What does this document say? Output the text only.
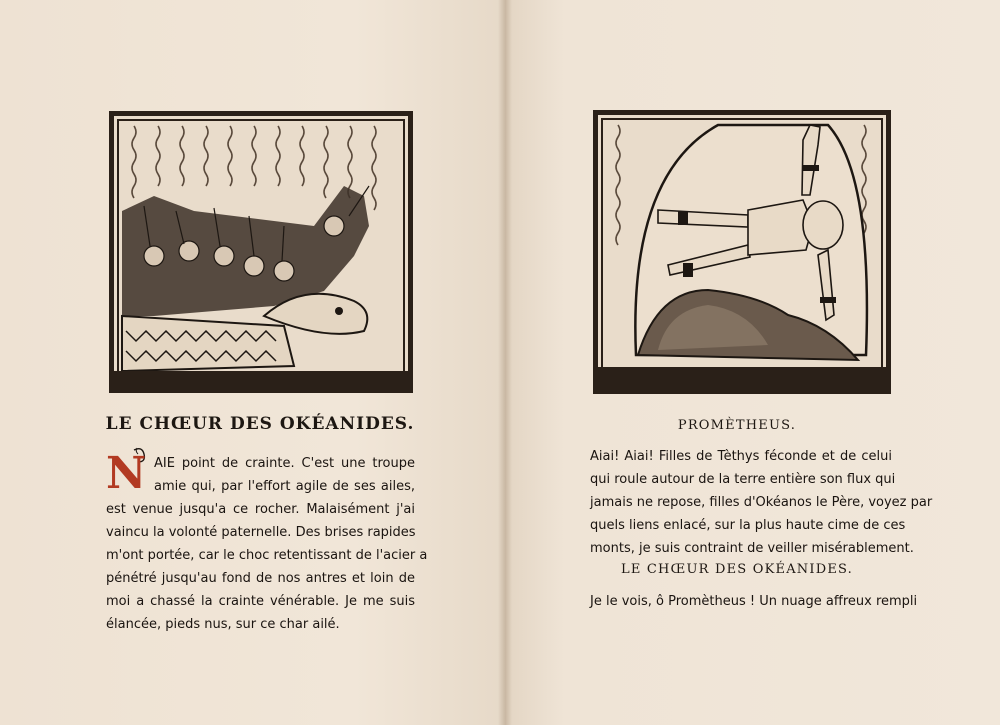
LE CHŒUR DES OKÉANIDES.
N AIE point de crainte. C'est une troupe
amie qui, par l'effort agile de ses ailes,
est venue jusqu'a ce rocher. Malaisément j'ai
vaincu la volonté paternelle. Des brises rapides
m'ont portée, car le choc retentissant de l'acier a
pénétré jusqu'au fond de nos antres et loin de
moi a chassé la crainte vénérable. Je me suis
élancée, pieds nus, sur ce char ailé.
PROMÈTHEUS.
Aiai! Aiai! Filles de Tèthys féconde et de celui
qui roule autour de la terre entière son flux qui
jamais ne repose, filles d'Okéanos le Père, voyez par
quels liens enlacé, sur la plus haute cime de ces
monts, je suis contraint de veiller misérablement.
LE CHŒUR DES OKÉANIDES.
Je le vois, ô Promètheus ! Un nuage affreux rempli
